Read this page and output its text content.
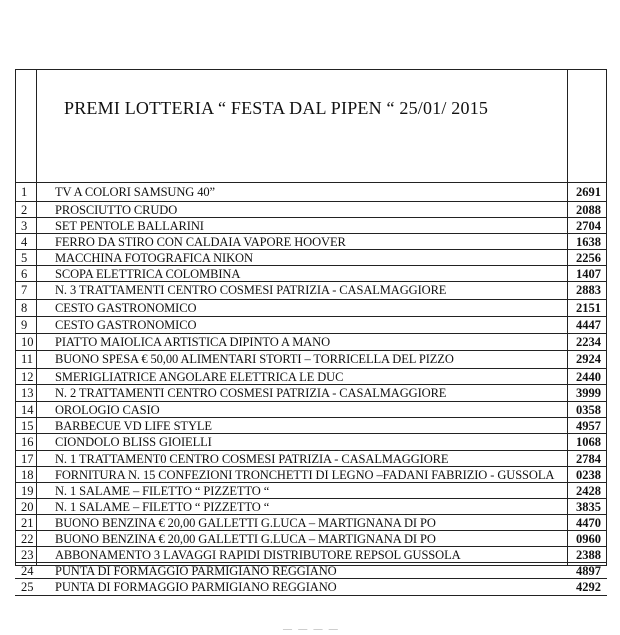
PREMI LOTTERIA “ FESTA DAL PIPEN “ 25/01/ 2015
1 TV A COLORI SAMSUNG 40”	2691
2 PROSCIUTTO CRUDO	2088
3 SET PENTOLE BALLARINI	2704
4 FERRO DA STIRO CON CALDAIA VAPORE HOOVER	1638
5 MACCHINA FOTOGRAFICA NIKON	2256
6 SCOPA ELETTRICA COLOMBINA	1407
7 N. 3 TRATTAMENTI CENTRO COSMESI PATRIZIA - CASALMAGGIORE	2883
8 CESTO GASTRONOMICO	2151
9 CESTO GASTRONOMICO	4447
10 PIATTO MAIOLICA ARTISTICA DIPINTO A MANO	2234
11 BUONO SPESA € 50,00 ALIMENTARI STORTI – TORRICELLA DEL PIZZO	2924
12 SMERIGLIATRICE ANGOLARE ELETTRICA LE DUC	2440
13 N. 2 TRATTAMENTI CENTRO COSMESI PATRIZIA - CASALMAGGIORE	3999
14 OROLOGIO CASIO	0358
15 BARBECUE VD LIFE STYLE	4957
16 CIONDOLO BLISS GIOIELLI	1068
17 N. 1 TRATTAMENT0 CENTRO COSMESI PATRIZIA - CASALMAGGIORE	2784
18 FORNITURA N. 15 CONFEZIONI TRONCHETTI DI LEGNO –FADANI FABRIZIO - GUSSOLA 0238
19 N. 1 SALAME – FILETTO “ PIZZETTO “	2428
20 N. 1 SALAME – FILETTO “ PIZZETTO “	3835
21 BUONO BENZINA € 20,00 GALLETTI G.LUCA – MARTIGNANA DI PO	4470
22 BUONO BENZINA € 20,00 GALLETTI G.LUCA – MARTIGNANA DI PO	0960
23 ABBONAMENTO 3 LAVAGGI RAPIDI DISTRIBUTORE REPSOL GUSSOLA	2388
24 PUNTA DI FORMAGGIO PARMIGIANO REGGIANO	4897
25 PUNTA DI FORMAGGIO PARMIGIANO REGGIANO	4292
— — — —
